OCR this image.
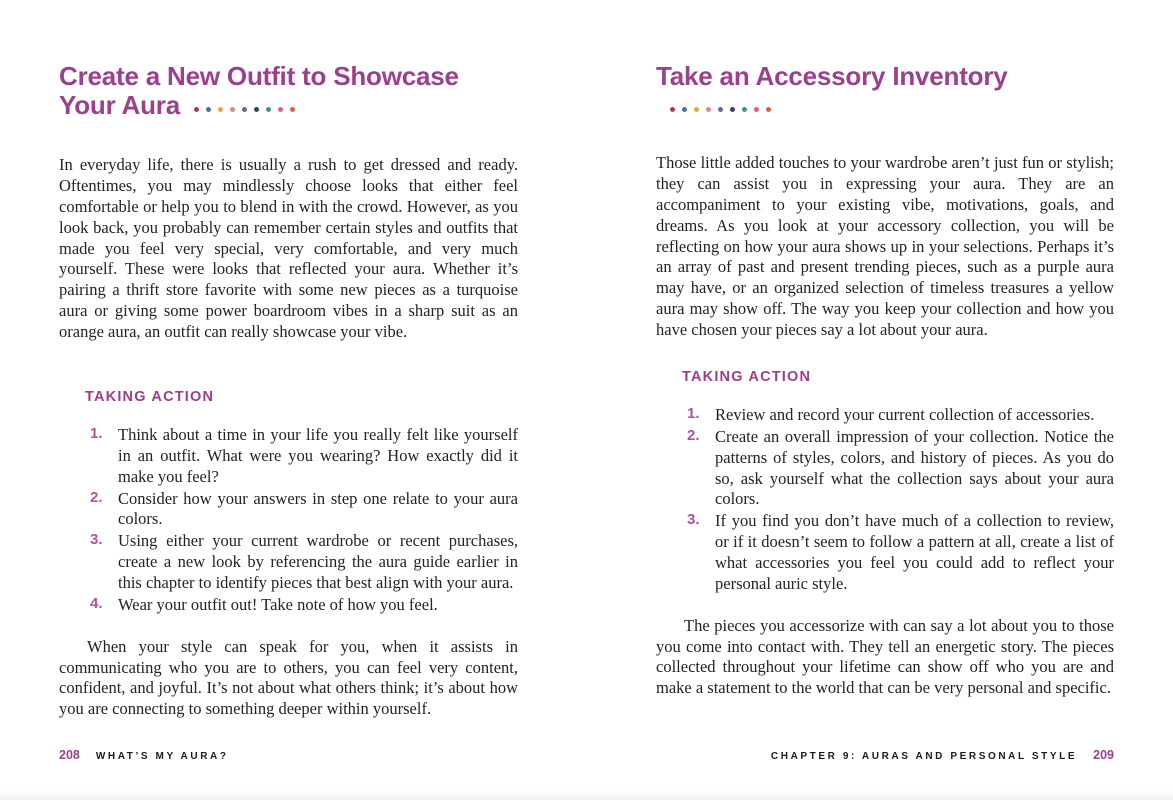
Create a New Outfit to Showcase
Your Aura

In everyday life, there is usually a rush to get dressed and ready. Oftentimes, you may mindlessly choose looks that either feel comfortable or help you to blend in with the crowd. However, as you look back, you probably can remember certain styles and outfits that made you feel very special, very comfortable, and very much yourself. These were looks that reflected your aura. Whether it’s pairing a thrift store favorite with some new pieces as a turquoise aura or giving some power boardroom vibes in a sharp suit as an orange aura, an outfit can really showcase your vibe.

TAKING ACTION
1. Think about a time in your life you really felt like yourself in an outfit. What were you wearing? How exactly did it make you feel?
2. Consider how your answers in step one relate to your aura colors.
3. Using either your current wardrobe or recent purchases, create a new look by referencing the aura guide earlier in this chapter to identify pieces that best align with your aura.
4. Wear your outfit out! Take note of how you feel.

When your style can speak for you, when it assists in communicating who you are to others, you can feel very content, confident, and joyful. It’s not about what others think; it’s about how you are connecting to something deeper within yourself.

Take an Accessory Inventory

Those little added touches to your wardrobe aren’t just fun or stylish; they can assist you in expressing your aura. They are an accompaniment to your existing vibe, motivations, goals, and dreams. As you look at your accessory collection, you will be reflecting on how your aura shows up in your selections. Perhaps it’s an array of past and present trending pieces, such as a purple aura may have, or an organized selection of timeless treasures a yellow aura may show off. The way you keep your collection and how you have chosen your pieces say a lot about your aura.

TAKING ACTION
1. Review and record your current collection of accessories.
2. Create an overall impression of your collection. Notice the patterns of styles, colors, and history of pieces. As you do so, ask yourself what the collection says about your aura colors.
3. If you find you don’t have much of a collection to review, or if it doesn’t seem to follow a pattern at all, create a list of what accessories you feel you could add to reflect your personal auric style.

The pieces you accessorize with can say a lot about you to those you come into contact with. They tell an energetic story. The pieces collected throughout your lifetime can show off who you are and make a statement to the world that can be very personal and specific.

208 WHAT’S MY AURA?	CHAPTER 9: AURAS AND PERSONAL STYLE 209
